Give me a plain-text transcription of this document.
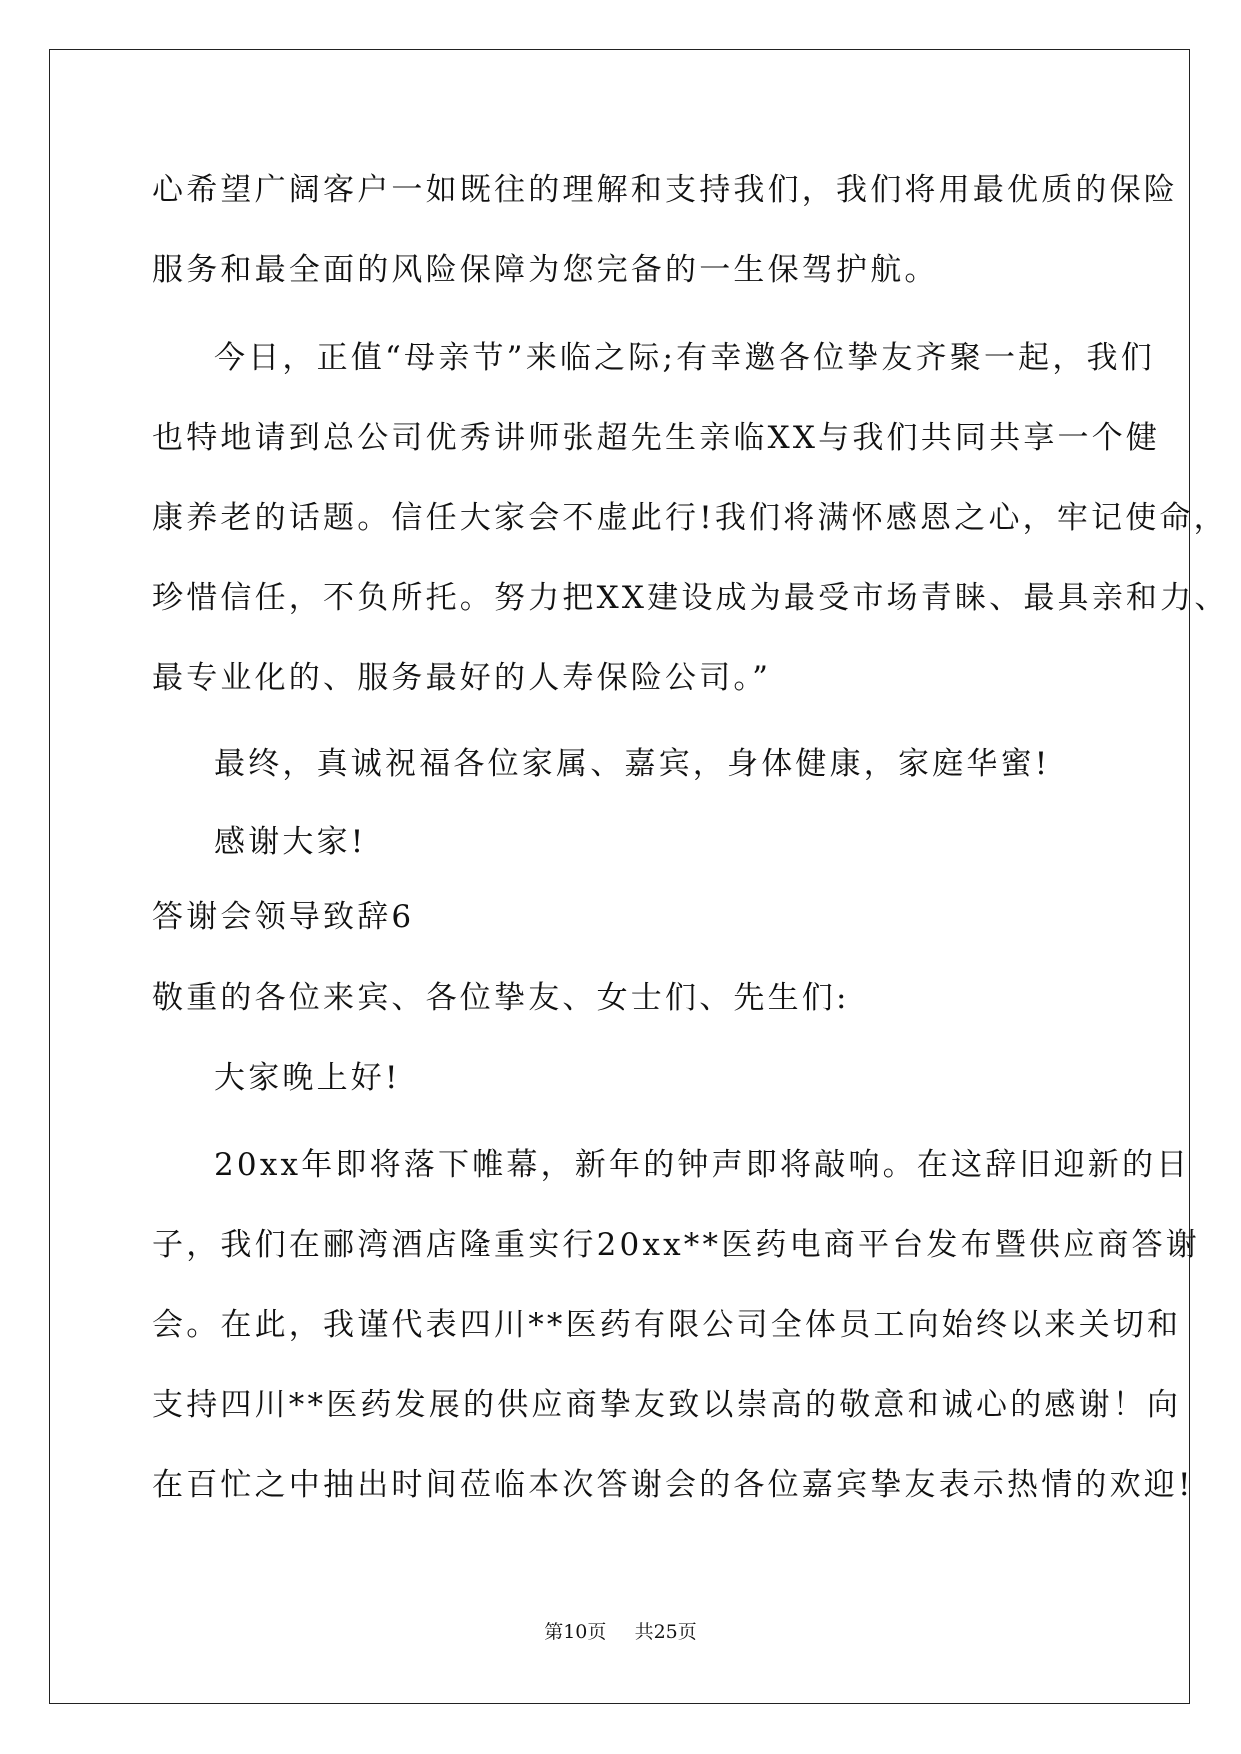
心希望广阔客户一如既往的理解和支持我们，我们将用最优质的保险
服务和最全面的风险保障为您完备的一生保驾护航。
今日，正值“母亲节”来临之际;有幸邀各位挚友齐聚一起，我们
也特地请到总公司优秀讲师张超先生亲临XX与我们共同共享一个健
康养老的话题。信任大家会不虚此行!我们将满怀感恩之心，牢记使命，
珍惜信任，不负所托。努力把XX建设成为最受市场青睐、最具亲和力、
最专业化的、服务最好的人寿保险公司。”
最终，真诚祝福各位家属、嘉宾，身体健康，家庭华蜜!
感谢大家!
答谢会领导致辞6
敬重的各位来宾、各位挚友、女士们、先生们:
大家晚上好!
20xx年即将落下帷幕，新年的钟声即将敲响。在这辞旧迎新的日
子，我们在郦湾酒店隆重实行20xx**医药电商平台发布暨供应商答谢
会。在此，我谨代表四川**医药有限公司全体员工向始终以来关切和
支持四川**医药发展的供应商挚友致以崇高的敬意和诚心的感谢！向
在百忙之中抽出时间莅临本次答谢会的各位嘉宾挚友表示热情的欢迎!
第10页 共25页
